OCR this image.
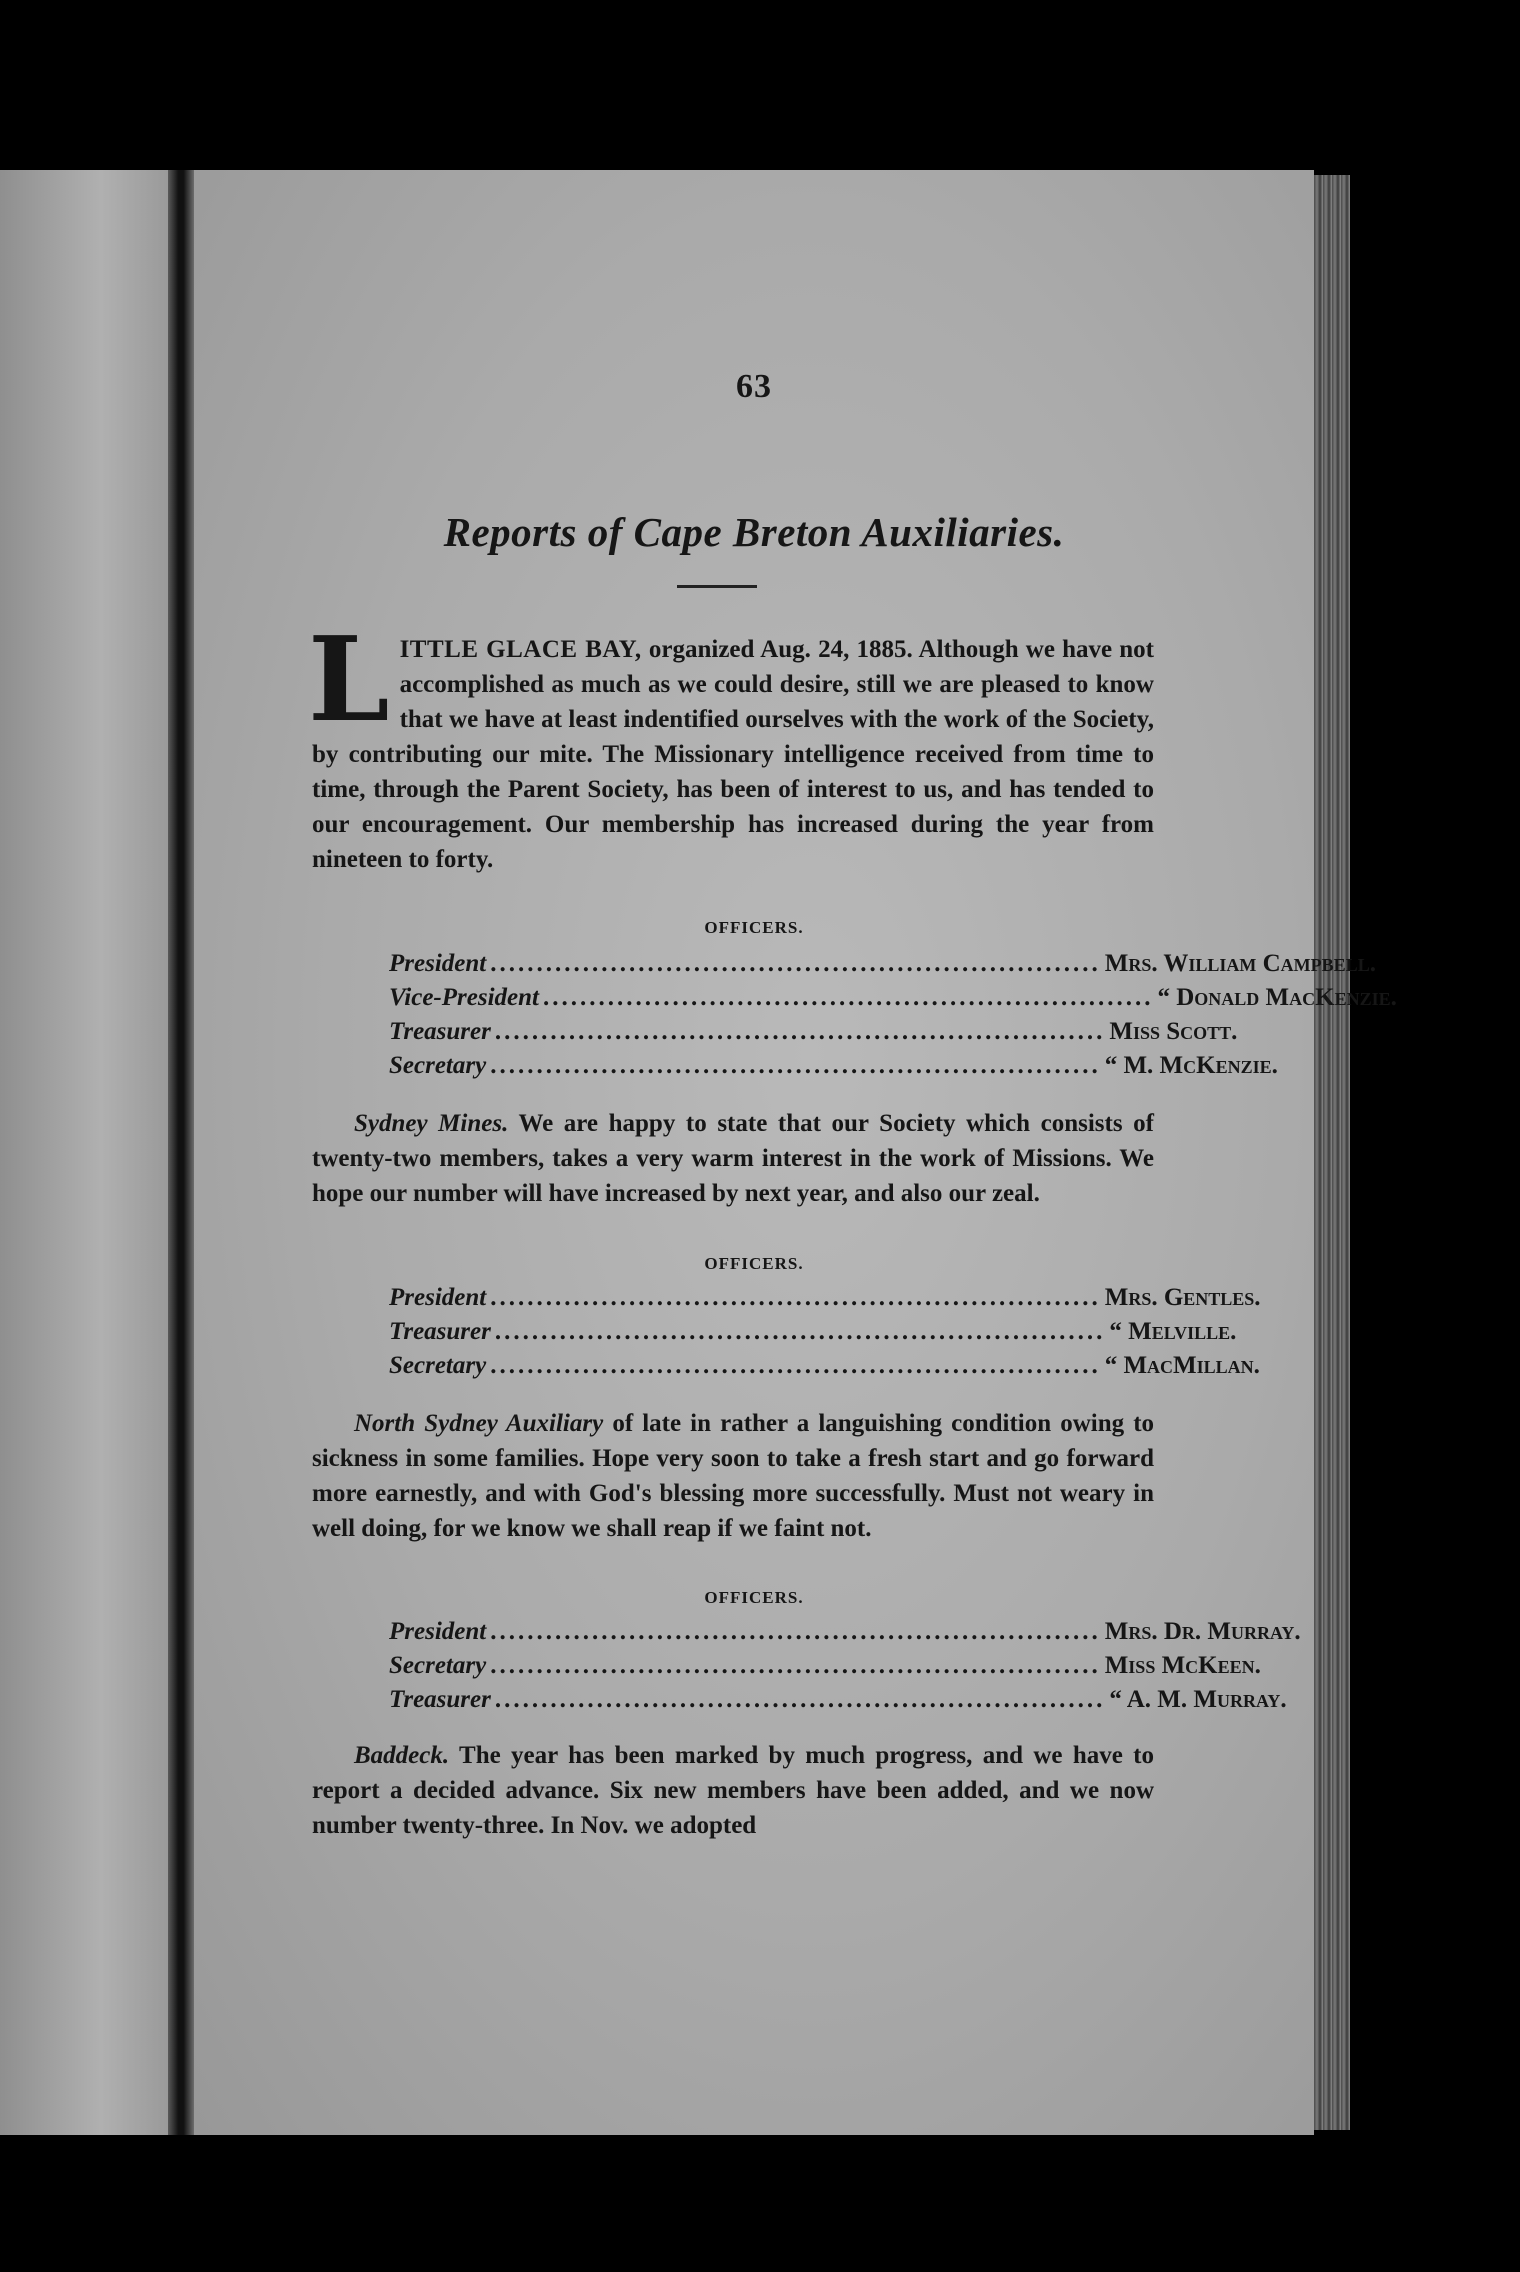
63
Reports of Cape Breton Auxiliaries.
L ITTLE GLACE BAY, organized Aug. 24, 1885. Although we have not accomplished as much as we could desire, still we are pleased to know that we have at least indentified ourselves with the work of the Society, by contributing our mite. The Missionary intelligence received from time to time, through the Parent Society, has been of interest to us, and has tended to our encouragement. Our membership has increased during the year from nineteen to forty.
OFFICERS.
President .................................................................. Mrs. William Campbell.
Vice-President .................................................................. “ Donald MacKenzie.
Treasurer .................................................................. Miss Scott.
Secretary .................................................................. “ M. McKenzie.
Sydney Mines. We are happy to state that our Society which consists of twenty-two members, takes a very warm interest in the work of Missions. We hope our number will have increased by next year, and also our zeal.
OFFICERS.
President .................................................................. Mrs. Gentles.
Treasurer .................................................................. “ Melville.
Secretary .................................................................. “ MacMillan.
North Sydney Auxiliary of late in rather a languishing condition owing to sickness in some families. Hope very soon to take a fresh start and go forward more earnestly, and with God's blessing more successfully. Must not weary in well doing, for we know we shall reap if we faint not.
OFFICERS.
President .................................................................. Mrs. Dr. Murray.
Secretary .................................................................. Miss McKeen.
Treasurer .................................................................. “ A. M. Murray.
Baddeck. The year has been marked by much progress, and we have to report a decided advance. Six new members have been added, and we now number twenty-three. In Nov. we adopted
